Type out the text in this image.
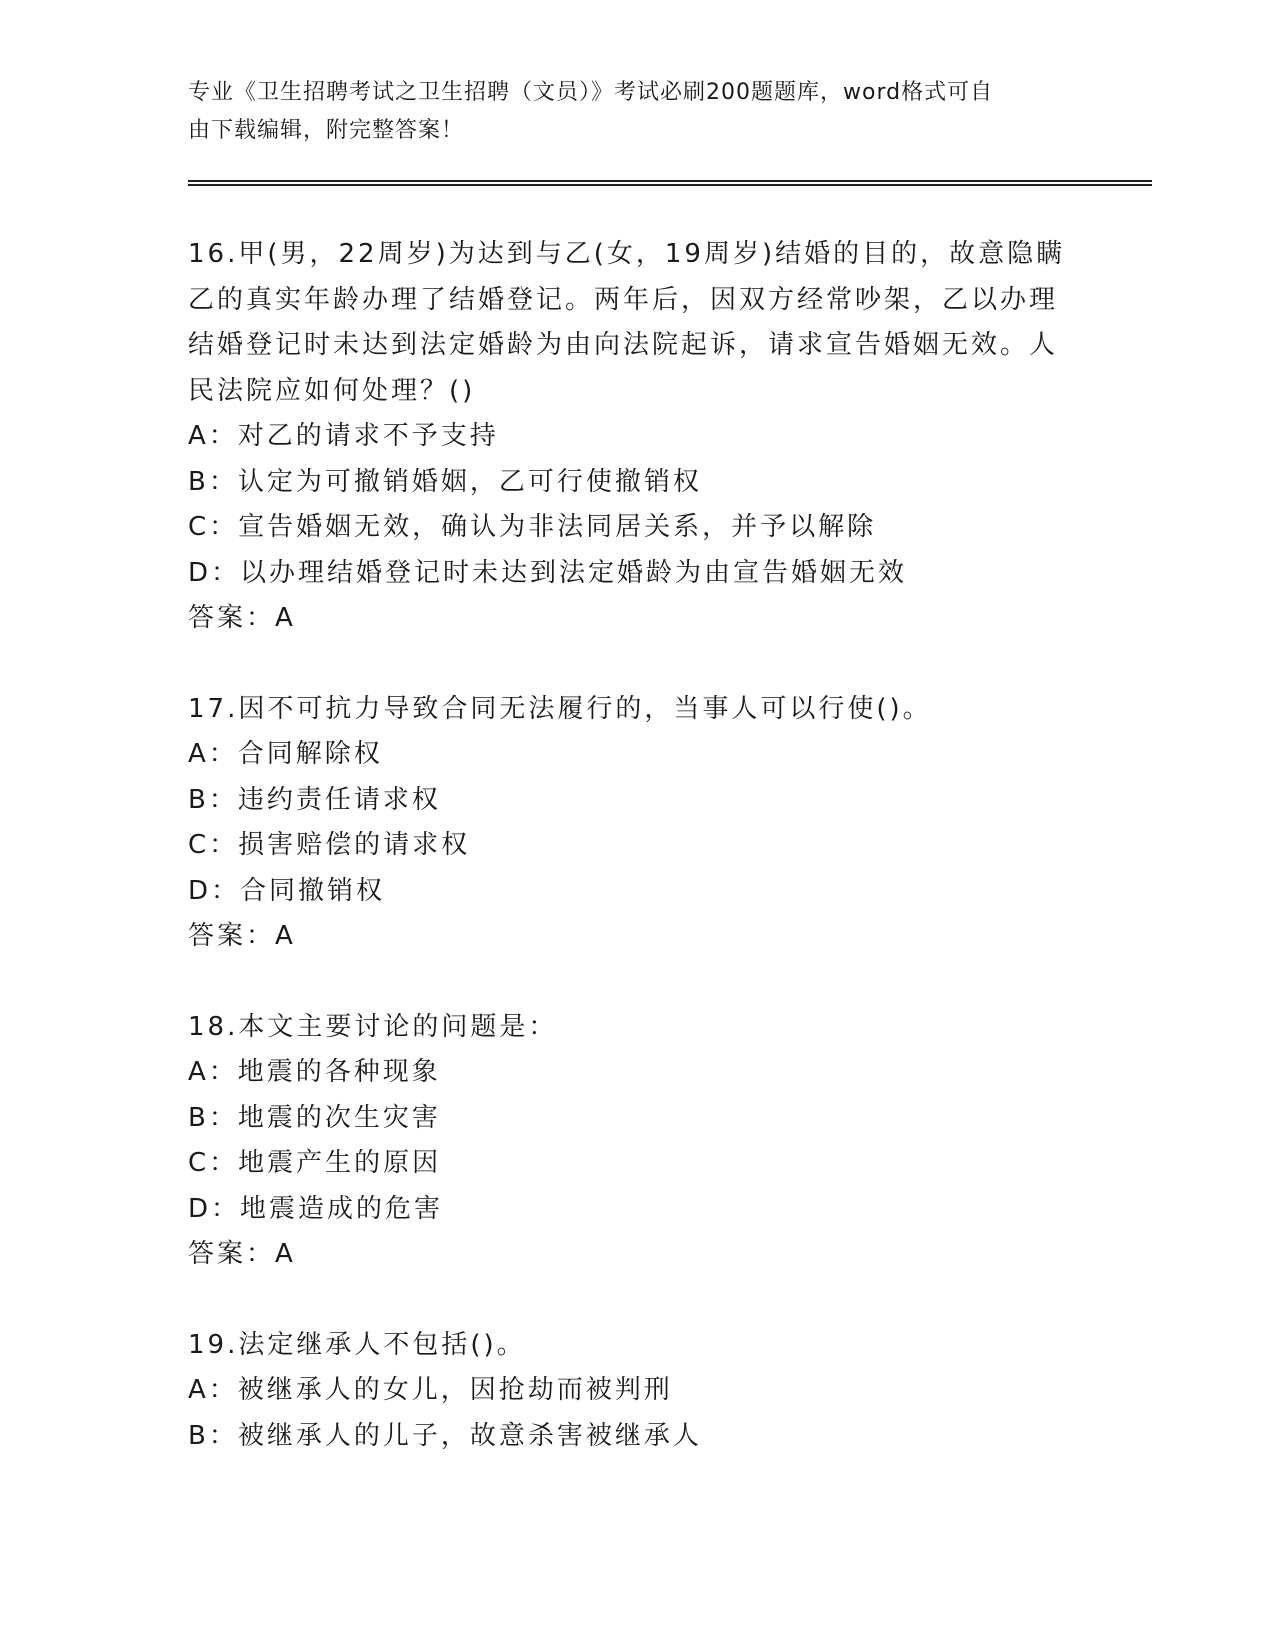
专业《卫生招聘考试之卫生招聘（文员）》考试必刷200题题库，word格式可自
由下载编辑，附完整答案！
16.甲(男，22周岁)为达到与乙(女，19周岁)结婚的目的，故意隐瞒
乙的真实年龄办理了结婚登记。两年后，因双方经常吵架，乙以办理
结婚登记时未达到法定婚龄为由向法院起诉，请求宣告婚姻无效。人
民法院应如何处理？()
A：对乙的请求不予支持
B：认定为可撤销婚姻，乙可行使撤销权
C：宣告婚姻无效，确认为非法同居关系，并予以解除
D：以办理结婚登记时未达到法定婚龄为由宣告婚姻无效
答案：A
17.因不可抗力导致合同无法履行的，当事人可以行使()。
A：合同解除权
B：违约责任请求权
C：损害赔偿的请求权
D：合同撤销权
答案：A
18.本文主要讨论的问题是：
A：地震的各种现象
B：地震的次生灾害
C：地震产生的原因
D：地震造成的危害
答案：A
19.法定继承人不包括()。
A：被继承人的女儿，因抢劫而被判刑
B：被继承人的儿子，故意杀害被继承人
